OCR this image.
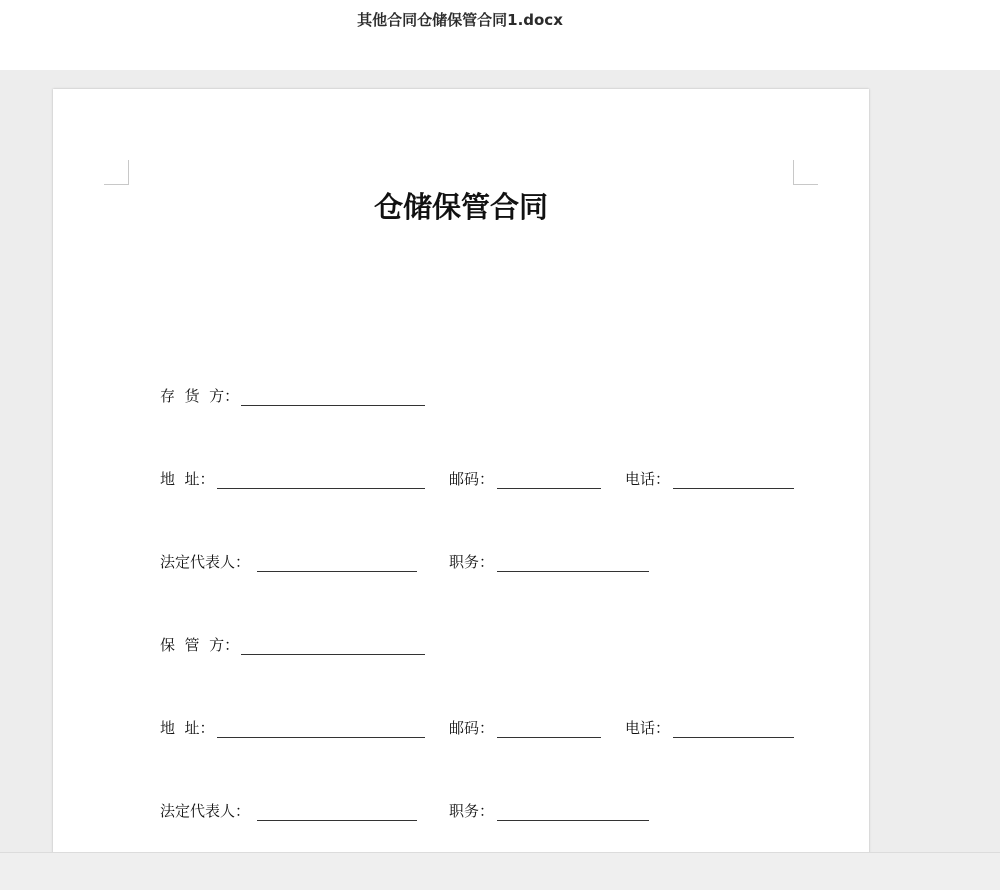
其他合同仓储保管合同1.docx
仓储保管合同
存  货  方：
地  址：	邮码：	电话：
法定代表人：	职务：
保  管  方：
地  址：	邮码：	电话：
法定代表人：	职务：
